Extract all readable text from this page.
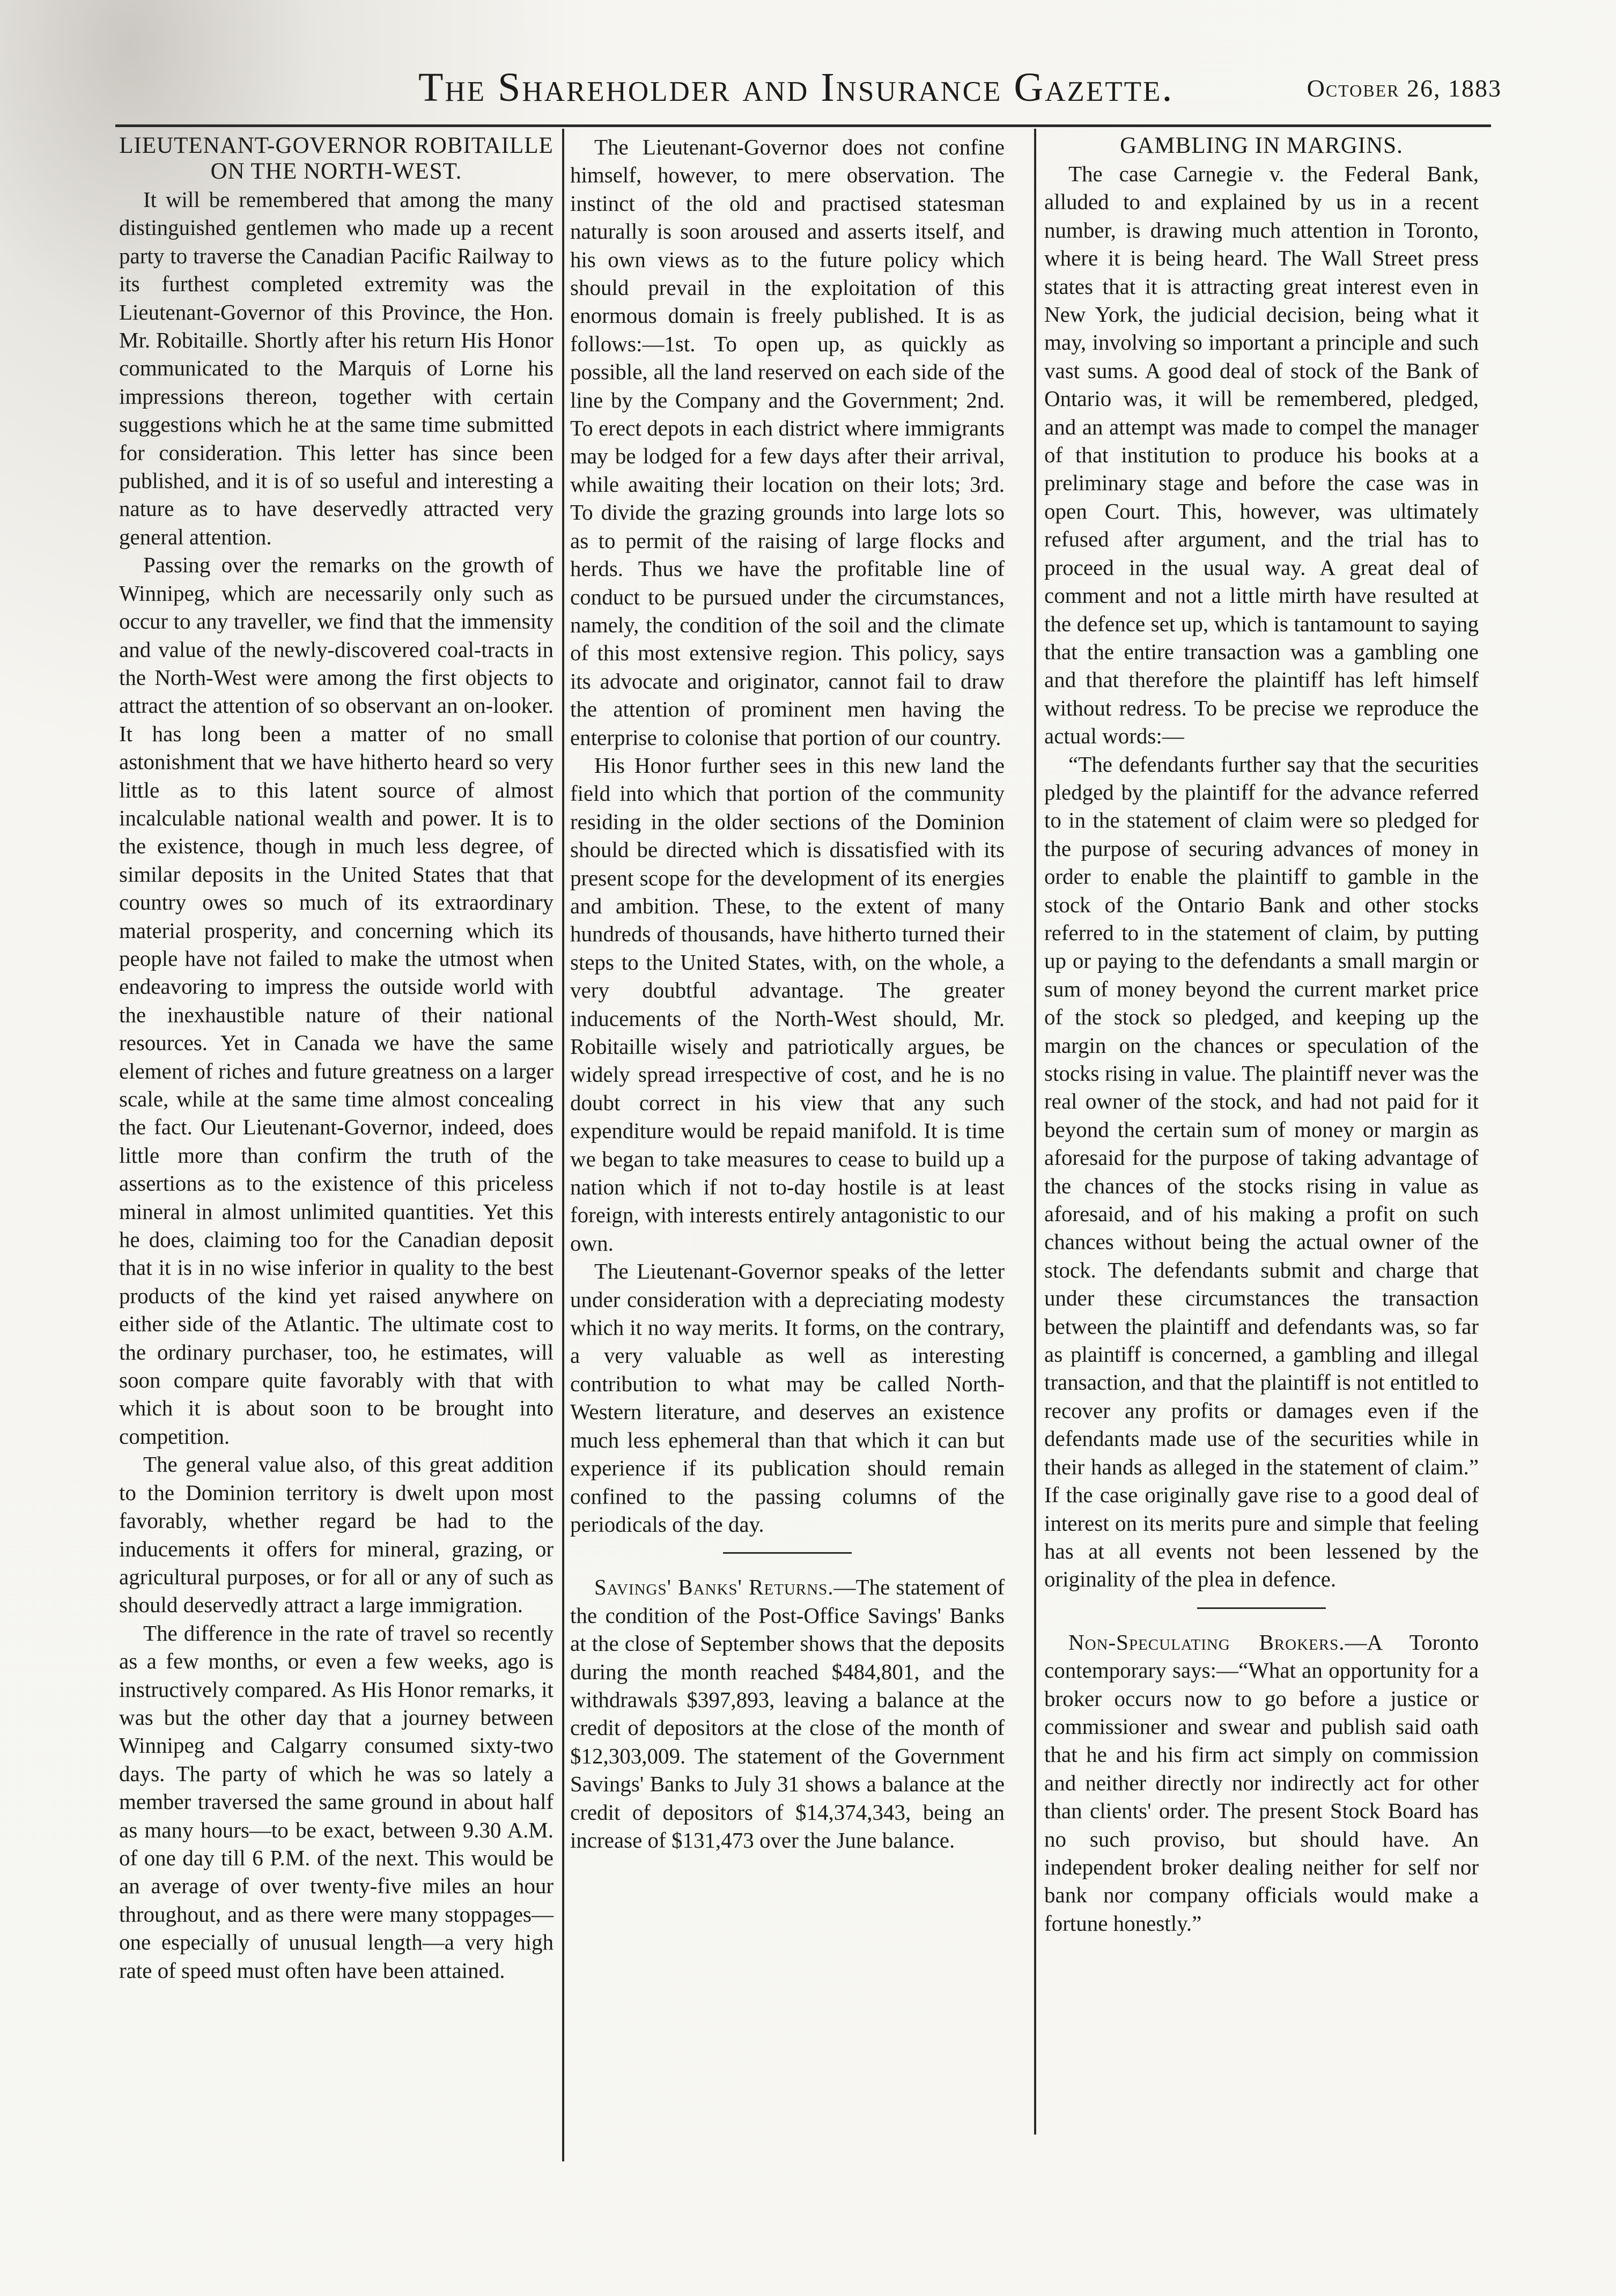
The Shareholder and Insurance Gazette.	October 26, 1883
LIEUTENANT-GOVERNOR ROBITAILLE ON THE NORTH-WEST.

It will be remembered that among the many distinguished gentlemen who made up a recent party to traverse the Canadian Pacific Railway to its furthest completed extremity was the Lieutenant-Governor of this Province, the Hon. Mr. Robitaille. Shortly after his return His Honor communicated to the Marquis of Lorne his impressions thereon, together with certain suggestions which he at the same time submitted for consideration. This letter has since been published, and it is of so useful and interesting a nature as to have deservedly attracted very general attention.

Passing over the remarks on the growth of Winnipeg, which are necessarily only such as occur to any traveller, we find that the immensity and value of the newly-discovered coal-tracts in the North-West were among the first objects to attract the attention of so observant an on-looker. It has long been a matter of no small astonishment that we have hitherto heard so very little as to this latent source of almost incalculable national wealth and power. It is to the existence, though in much less degree, of similar deposits in the United States that that country owes so much of its extraordinary material prosperity, and concerning which its people have not failed to make the utmost when endeavoring to impress the outside world with the inexhaustible nature of their national resources. Yet in Canada we have the same element of riches and future greatness on a larger scale, while at the same time almost concealing the fact. Our Lieutenant-Governor, indeed, does little more than confirm the truth of the assertions as to the existence of this priceless mineral in almost unlimited quantities. Yet this he does, claiming too for the Canadian deposit that it is in no wise inferior in quality to the best products of the kind yet raised anywhere on either side of the Atlantic. The ultimate cost to the ordinary purchaser, too, he estimates, will soon compare quite favorably with that with which it is about soon to be brought into competition.

The general value also, of this great addition to the Dominion territory is dwelt upon most favorably, whether regard be had to the inducements it offers for mineral, grazing, or agricultural purposes, or for all or any of such as should deservedly attract a large immigration.

The difference in the rate of travel so recently as a few months, or even a few weeks, ago is instructively compared. As His Honor remarks, it was but the other day that a journey between Winnipeg and Calgarry consumed sixty-two days. The party of which he was so lately a member traversed the same ground in about half as many hours—to be exact, between 9.30 A.M. of one day till 6 P.M. of the next. This would be an average of over twenty-five miles an hour throughout, and as there were many stoppages—one especially of unusual length—a very high rate of speed must often have been attained.

The Lieutenant-Governor does not confine himself, however, to mere observation. The instinct of the old and practised statesman naturally is soon aroused and asserts itself, and his own views as to the future policy which should prevail in the exploitation of this enormous domain is freely published. It is as follows:—1st. To open up, as quickly as possible, all the land reserved on each side of the line by the Company and the Government; 2nd. To erect depots in each district where immigrants may be lodged for a few days after their arrival, while awaiting their location on their lots; 3rd. To divide the grazing grounds into large lots so as to permit of the raising of large flocks and herds. Thus we have the profitable line of conduct to be pursued under the circumstances, namely, the condition of the soil and the climate of this most extensive region. This policy, says its advocate and originator, cannot fail to draw the attention of prominent men having the enterprise to colonise that portion of our country.

His Honor further sees in this new land the field into which that portion of the community residing in the older sections of the Dominion should be directed which is dissatisfied with its present scope for the development of its energies and ambition. These, to the extent of many hundreds of thousands, have hitherto turned their steps to the United States, with, on the whole, a very doubtful advantage. The greater inducements of the North-West should, Mr. Robitaille wisely and patriotically argues, be widely spread irrespective of cost, and he is no doubt correct in his view that any such expenditure would be repaid manifold. It is time we began to take measures to cease to build up a nation which if not to-day hostile is at least foreign, with interests entirely antagonistic to our own.

The Lieutenant-Governor speaks of the letter under consideration with a depreciating modesty which it no way merits. It forms, on the contrary, a very valuable as well as interesting contribution to what may be called North-Western literature, and deserves an existence much less ephemeral than that which it can but experience if its publication should remain confined to the passing columns of the periodicals of the day.

Savings' Banks' Returns.—The statement of the condition of the Post-Office Savings' Banks at the close of September shows that the deposits during the month reached $484,801, and the withdrawals $397,893, leaving a balance at the credit of depositors at the close of the month of $12,303,009. The statement of the Government Savings' Banks to July 31 shows a balance at the credit of depositors of $14,374,343, being an increase of $131,473 over the June balance.

GAMBLING IN MARGINS.

The case Carnegie v. the Federal Bank, alluded to and explained by us in a recent number, is drawing much attention in Toronto, where it is being heard. The Wall Street press states that it is attracting great interest even in New York, the judicial decision, being what it may, involving so important a principle and such vast sums. A good deal of stock of the Bank of Ontario was, it will be remembered, pledged, and an attempt was made to compel the manager of that institution to produce his books at a preliminary stage and before the case was in open Court. This, however, was ultimately refused after argument, and the trial has to proceed in the usual way. A great deal of comment and not a little mirth have resulted at the defence set up, which is tantamount to saying that the entire transaction was a gambling one and that therefore the plaintiff has left himself without redress. To be precise we reproduce the actual words:—

“The defendants further say that the securities pledged by the plaintiff for the advance referred to in the statement of claim were so pledged for the purpose of securing advances of money in order to enable the plaintiff to gamble in the stock of the Ontario Bank and other stocks referred to in the statement of claim, by putting up or paying to the defendants a small margin or sum of money beyond the current market price of the stock so pledged, and keeping up the margin on the chances or speculation of the stocks rising in value. The plaintiff never was the real owner of the stock, and had not paid for it beyond the certain sum of money or margin as aforesaid for the purpose of taking advantage of the chances of the stocks rising in value as aforesaid, and of his making a profit on such chances without being the actual owner of the stock. The defendants submit and charge that under these circumstances the transaction between the plaintiff and defendants was, so far as plaintiff is concerned, a gambling and illegal transaction, and that the plaintiff is not entitled to recover any profits or damages even if the defendants made use of the securities while in their hands as alleged in the statement of claim.” If the case originally gave rise to a good deal of interest on its merits pure and simple that feeling has at all events not been lessened by the originality of the plea in defence.

Non-Speculating Brokers.—A Toronto contemporary says:—“What an opportunity for a broker occurs now to go before a justice or commissioner and swear and publish said oath that he and his firm act simply on commission and neither directly nor indirectly act for other than clients' order. The present Stock Board has no such proviso, but should have. An independent broker dealing neither for self nor bank nor company officials would make a fortune honestly.”
